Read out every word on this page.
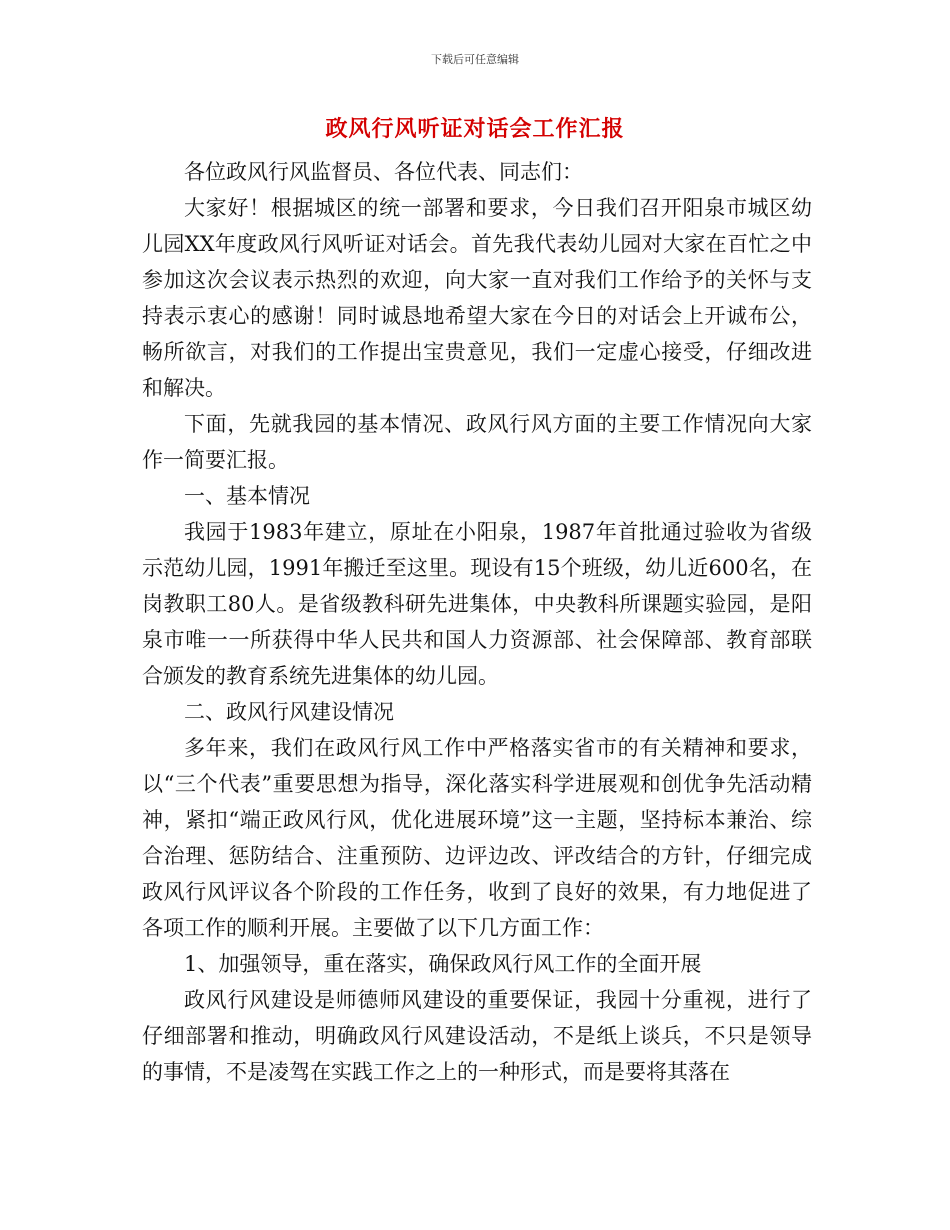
下载后可任意编辑
政风行风听证对话会工作汇报

各位政风行风监督员、各位代表、同志们：

大家好！根据城区的统一部署和要求，今日我们召开阳泉市城区幼儿园XX年度政风行风听证对话会。首先我代表幼儿园对大家在百忙之中参加这次会议表示热烈的欢迎，向大家一直对我们工作给予的关怀与支持表示衷心的感谢！同时诚恳地希望大家在今日的对话会上开诚布公，畅所欲言，对我们的工作提出宝贵意见，我们一定虚心接受，仔细改进和解决。

下面，先就我园的基本情况、政风行风方面的主要工作情况向大家作一简要汇报。

一、基本情况

我园于1983年建立，原址在小阳泉，1987年首批通过验收为省级示范幼儿园，1991年搬迁至这里。现设有15个班级，幼儿近600名，在岗教职工80人。是省级教科研先进集体，中央教科所课题实验园，是阳泉市唯一一所获得中华人民共和国人力资源部、社会保障部、教育部联合颁发的教育系统先进集体的幼儿园。

二、政风行风建设情况

多年来，我们在政风行风工作中严格落实省市的有关精神和要求，以“三个代表”重要思想为指导，深化落实科学进展观和创优争先活动精神，紧扣“端正政风行风，优化进展环境”这一主题，坚持标本兼治、综合治理、惩防结合、注重预防、边评边改、评改结合的方针，仔细完成政风行风评议各个阶段的工作任务，收到了良好的效果，有力地促进了各项工作的顺利开展。主要做了以下几方面工作：

1、加强领导，重在落实，确保政风行风工作的全面开展

政风行风建设是师德师风建设的重要保证，我园十分重视，进行了仔细部署和推动，明确政风行风建设活动，不是纸上谈兵，不只是领导的事情，不是凌驾在实践工作之上的一种形式，而是要将其落在
